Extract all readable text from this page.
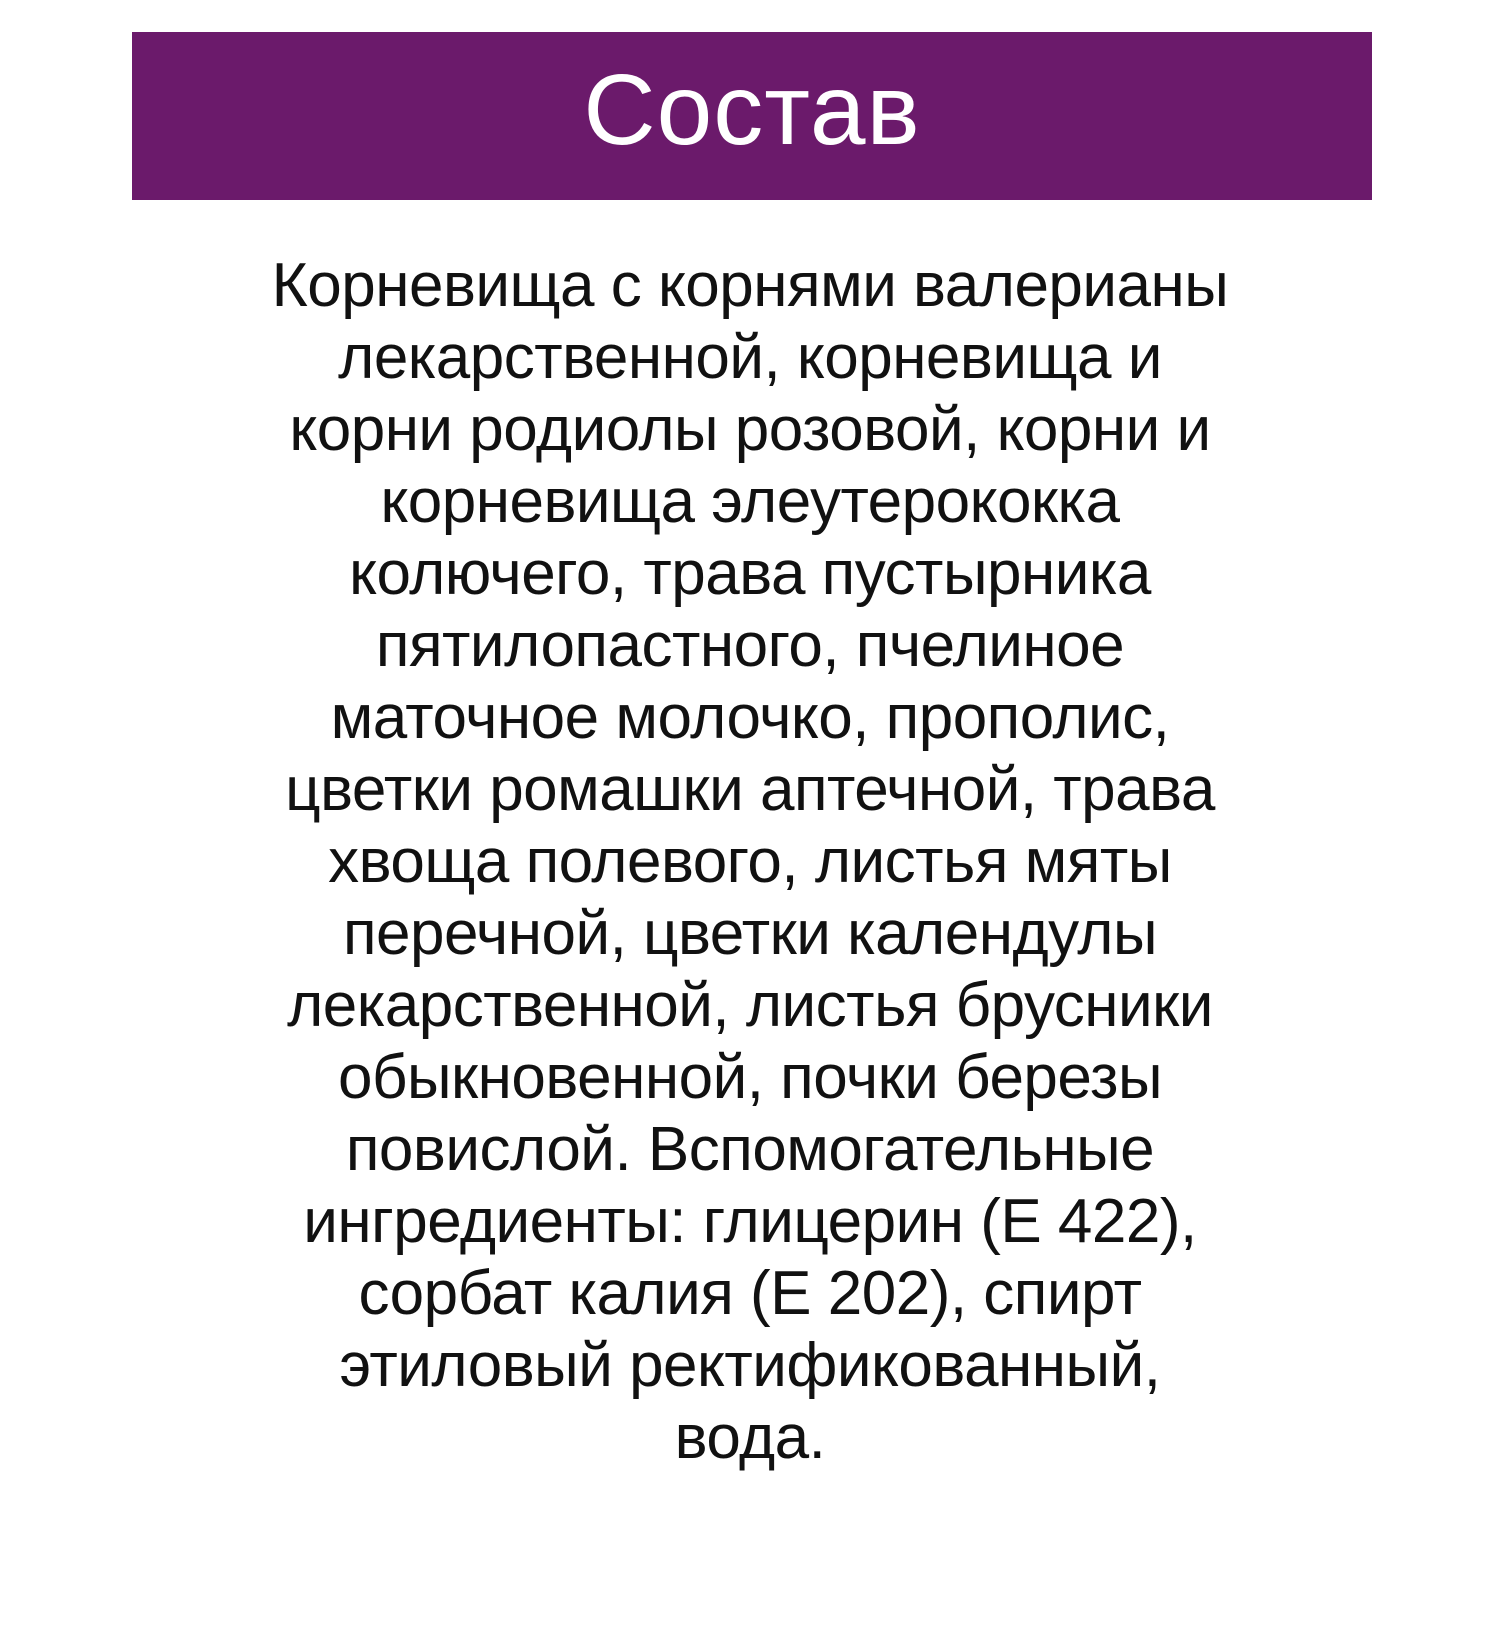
Состав

Корневища с корнями валерианы
лекарственной, корневища и
корни родиолы розовой, корни и
корневища элеутерококка
колючего, трава пустырника
пятилопастного, пчелиное
маточное молочко, прополис,
цветки ромашки аптечной, трава
хвоща полевого, листья мяты
перечной, цветки календулы
лекарственной, листья брусники
обыкновенной, почки березы
повислой. Вспомогательные
ингредиенты: глицерин (Е 422),
сорбат калия (Е 202), спирт
этиловый ректификованный,
вода.
